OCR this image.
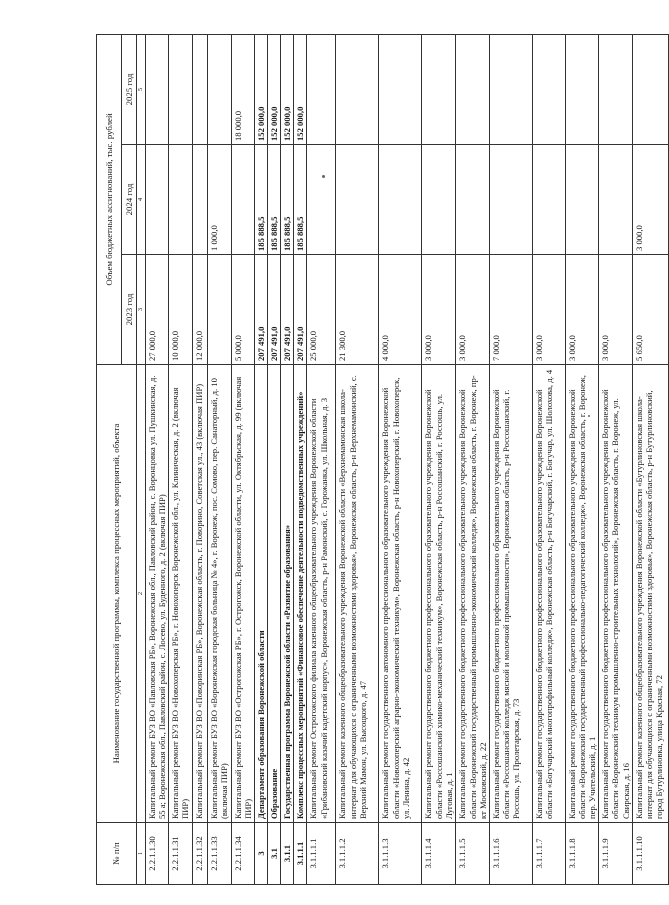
№ п/п	Наименование государственной программы, комплекса процессных мероприятий, объекта	Объем бюджетных ассигнований, тыс. рублей		
		2023 год	2024 год	2025 год
1	2	3	4	5
2.2.1.1.30	Капитальный ремонт БУЗ ВО «Павловская РБ», Воронежская обл., Павловский район, с. Воронцовка ул. Пушкинская, д. 55 а; Воронежская обл., Павловский район, с. Лосево, ул. Буденного, д. 2 (включая ПИР)	27 000,0		
2.2.1.1.31	Капитальный ремонт БУЗ ВО «Новохоперская РБ», г. Новохоперск Воронежской обл., ул. Клиническая, д. 2 (включая ПИР)	10 000,0		
2.2.1.1.32	Капитальный ремонт БУЗ ВО «Поворинская РБ», Воронежская область, г. Поворино, Советская ул., 43 (включая ПИР)	12 000,0		
2.2.1.1.33	Капитальный ремонт БУЗ ВО «Воронежская городская больница № 4», г. Воронеж, пос. Сомово, пер. Санаторный, д. 10 (включая ПИР)		1 000,0	
2.2.1.1.34	Капитальный ремонт БУЗ ВО «Острогожская РБ», г. Острогожск, Воронежской области, ул. Октябрьская, д. 99 (включая ПИР)	5 000,0		18 000,0
3	Департамент образования Воронежской области	207 491,0	185 888,5	152 000,0
3.1	Образование	207 491,0	185 888,5	152 000,0
3.1.1	Государственная программа Воронежской области «Развитие образования»	207 491,0	185 888,5	152 000,0
3.1.1.1	Комплекс процессных мероприятий «Финансовое обеспечение деятельности подведомственных учреждений»	207 491,0	185 888,5	152 000,0
3.1.1.1.1	Капитальный ремонт Острогожского филиала казенного общеобразовательного учреждения Воронежской области «Грибановский казачий кадетский корпус», Воронежская область, р-н Рамонский, с. Горожанка, ул. Школьная, д. 3	25 000,0		
3.1.1.1.2	Капитальный ремонт казенного общеобразовательного учреждения Воронежской области «Верхнемамонская школа-интернат для обучающихся с ограниченными возможностями здоровья», Воронежская область, р-н Верхнемамонский, с. Верхний Мамон, ул. Высоцкого, д. 47	21 300,0		
3.1.1.1.3	Капитальный ремонт государственного автономного профессионального образовательного учреждения Воронежской области «Новохоперский аграрно-экономический техникум», Воронежская область, р-н Новохоперский, г. Новохоперск, ул. Ленина, д. 42	4 000,0		
3.1.1.1.4	Капитальный ремонт государственного бюджетного профессионального образовательного учреждения Воронежской области «Россошанский химико-механический техникум», Воронежская область, р-н Россошанский, г. Россошь, ул. Луговая, д. 1	3 000,0		
3.1.1.1.5	Капитальный ремонт государственного бюджетного профессионального образовательного учреждения Воронежской области «Воронежский государственный промышленно-экономический колледж», Воронежская область, г. Воронеж, пр-кт Московский, д. 22	3 000,0		
3.1.1.1.6	Капитальный ремонт государственного бюджетного профессионального образовательного учреждения Воронежской области «Россошанский колледж мясной и молочной промышленности», Воронежская область, р-н Россошанский, г. Россошь, ул. Пролетарская, д. 73	7 000,0		
3.1.1.1.7	Капитальный ремонт государственного бюджетного профессионального образовательного учреждения Воронежской области «Богучарский многопрофильный колледж», Воронежская область, р-н Богучарский, г. Богучар, ул. Шолохова, д. 4	3 000,0		
3.1.1.1.8	Капитальный ремонт государственного бюджетного профессионального образовательного учреждения Воронежской области «Воронежский государственный профессионально-педагогический колледж», Воронежская область, г. Воронеж, пер. Учительский, д. 1	3 000,0		
3.1.1.1.9	Капитальный ремонт государственного бюджетного профессионального образовательного учреждения Воронежской области «Воронежский техникум промышленно-строительных технологий», Воронежская область, г. Воронеж, ул. Свирская, д. 16	3 000,0		
3.1.1.1.10	Капитальный ремонт казенного общеобразовательного учреждения Воронежской области «Бутурлиновская школа-интернат для обучающихся с ограниченными возможностями здоровья», Воронежская область, р-н Бутурлиновский, город Бутурлиновка, улица Красная, 72	5 650,0	3 000,0	
